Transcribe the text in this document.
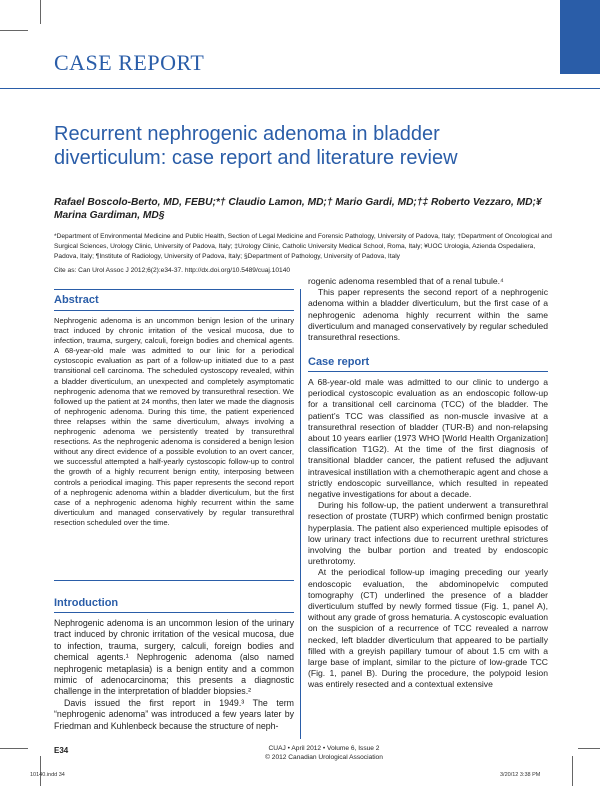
CASE REPORT
Recurrent nephrogenic adenoma in bladder diverticulum: case report and literature review
Rafael Boscolo-Berto, MD, FEBU;*† Claudio Lamon, MD;† Mario Gardi, MD;†‡ Roberto Vezzaro, MD;¥
Marina Gardiman, MD§
*Department of Environmental Medicine and Public Health, Section of Legal Medicine and Forensic Pathology, University of Padova, Italy; †Department of Oncological and Surgical Sciences, Urology Clinic, University of Padova, Italy; ‡Urology Clinic, Catholic University Medical School, Roma, Italy; ¥UOC Urologia, Azienda Ospedaliera, Padova, Italy; ¶Institute of Radiology, University of Padova, Italy; §Department of Pathology, University of Padova, Italy
Cite as: Can Urol Assoc J 2012;6(2):e34-37. http://dx.doi.org/10.5489/cuaj.10140
Abstract
Nephrogenic adenoma is an uncommon benign lesion of the urinary tract induced by chronic irritation of the vesical mucosa, due to infection, trauma, surgery, calculi, foreign bodies and chemical agents. A 68-year-old male was admitted to our linic for a periodical cystoscopic evaluation as part of a follow-up initiated due to a past transitional cell carcinoma. The scheduled cystoscopy revealed, within a bladder diverticulum, an unexpected and completely asymptomatic nephrogenic adenoma that we removed by transurethral resection. We followed up the patient at 24 months, then later we made the diagnosis of nephrogenic adenoma. During this time, the patient experienced three relapses within the same diverticulum, always involving a nephrogenic adenoma we persistently treated by transurethral resections. As the nephrogenic adenoma is considered a benign lesion without any direct evidence of a possible evolution to an overt cancer, we successful attempted a half-yearly cystoscopic follow-up to control the growth of a highly recurrent benign entity, interposing between controls a periodical imaging. This paper represents the second report of a nephrogenic adenoma within a bladder diverticulum, but the first case of a nephrogenic adenoma highly recurrent within the same diverticulum and managed conservatively by regular transurethral resection scheduled over the time.
Introduction

Nephrogenic adenoma is an uncommon lesion of the urinary tract induced by chronic irritation of the vesical mucosa, due to infection, trauma, surgery, calculi, foreign bodies and chemical agents.¹ Nephrogenic adenoma (also named nephrogenic metaplasia) is a benign entity and a common mimic of adenocarcinoma; this presents a diagnostic challenge in the interpretation of bladder biopsies.²

Davis issued the first report in 1949.³ The term “nephrogenic adenoma” was introduced a few years later by Friedman and Kuhlenbeck because the structure of neph-

rogenic adenoma resembled that of a renal tubule.⁴

This paper represents the second report of a nephrogenic adenoma within a bladder diverticulum, but the first case of a nephrogenic adenoma highly recurrent within the same diverticulum and managed conservatively by regular scheduled transurethral resections.

Case report

A 68-year-old male was admitted to our clinic to undergo a periodical cystoscopic evaluation as an endoscopic follow-up for a transitional cell carcinoma (TCC) of the bladder. The patient’s TCC was classified as non-muscle invasive at a transurethral resection of bladder (TUR-B) and non-relapsing about 10 years earlier (1973 WHO [World Health Organization] classification T1G2). At the time of the first diagnosis of transitional bladder cancer, the patient refused the adjuvant intravesical instillation with a chemotherapic agent and chose a strictly endoscopic surveillance, which resulted in repeated negative investigations for about a decade.

During his follow-up, the patient underwent a transurethral resection of prostate (TURP) which confirmed benign prostatic hyperplasia. The patient also experienced multiple episodes of low urinary tract infections due to recurrent urethral strictures involving the bulbar portion and treated by endoscopic urethrotomy.

At the periodical follow-up imaging preceding our yearly endoscopic evaluation, the abdominopelvic computed tomography (CT) underlined the presence of a bladder diverticulum stuffed by newly formed tissue (Fig. 1, panel A), without any grade of gross hematuria. A cystoscopic evaluation on the suspicion of a recurrence of TCC revealed a narrow necked, left bladder diverticulum that appeared to be partially filled with a greyish papillary tumour of about 1.5 cm with a large base of implant, similar to the picture of low-grade TCC (Fig. 1, panel B). During the procedure, the polypoid lesion was entirely resected and a contextual extensive

E34	CUAJ • April 2012 • Volume 6, Issue 2
© 2012 Canadian Urological Association
10140.indd 34	3/20/12 3:38 PM
